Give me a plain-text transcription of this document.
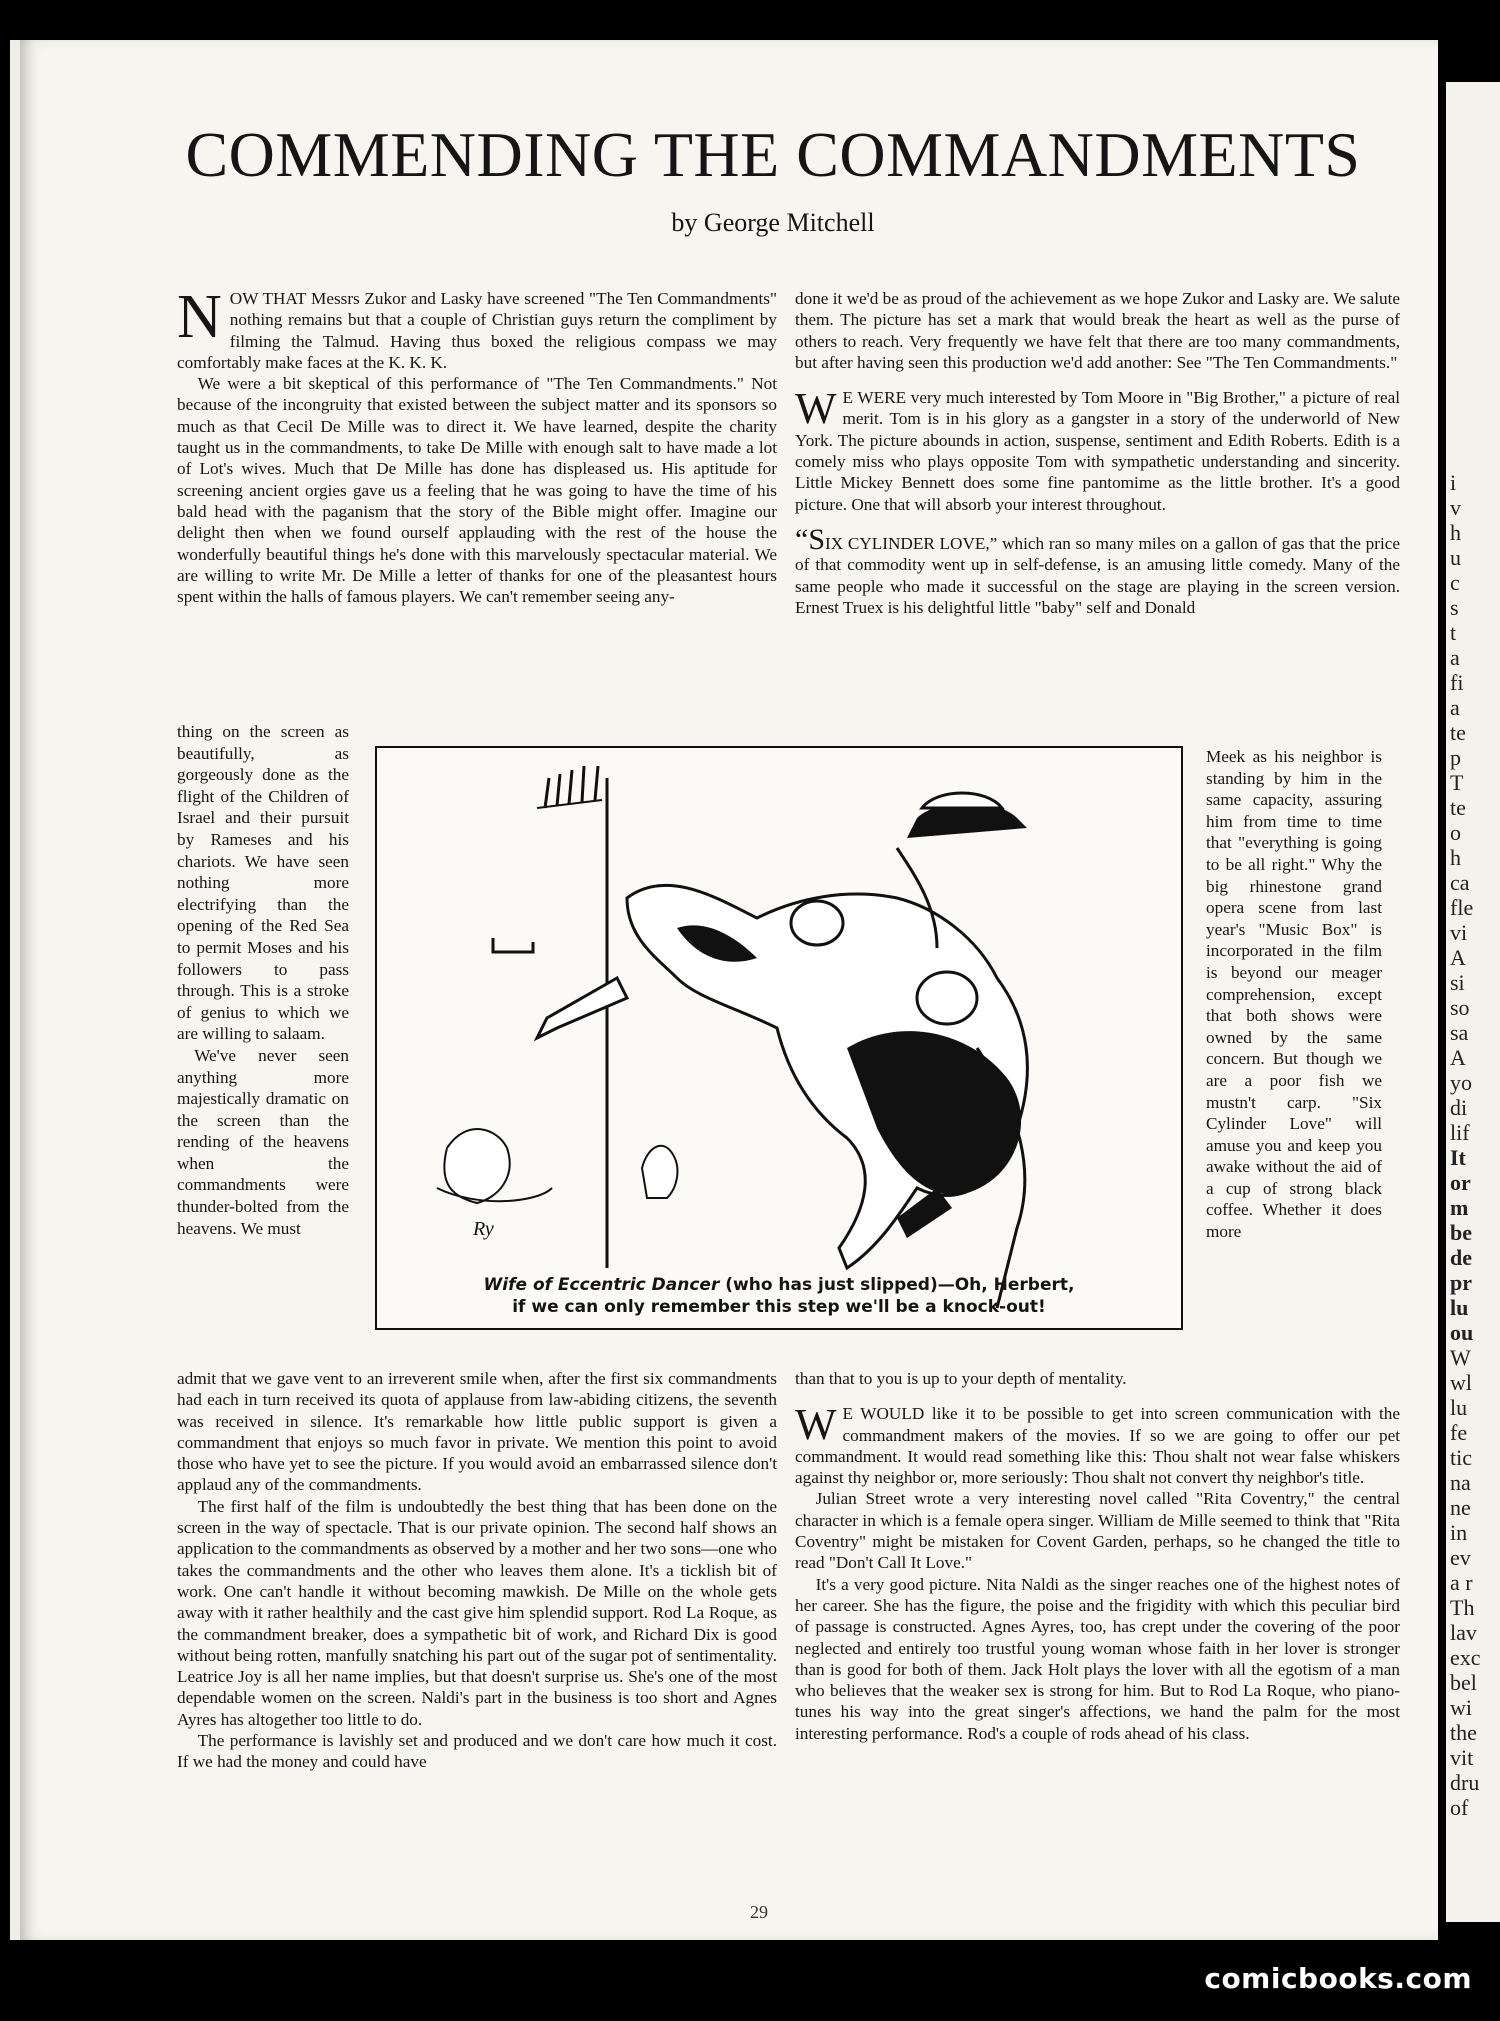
COMMENDING THE COMMANDMENTS
by George Mitchell

NOW THAT Messrs Zukor and Lasky have screened "The Ten Commandments" nothing remains but that a couple of Christian guys return the compliment by filming the Talmud. Having thus boxed the religious compass we may comfortably make faces at the K. K. K.

We were a bit skeptical of this performance of "The Ten Commandments." Not because of the incongruity that existed between the subject matter and its sponsors so much as that Cecil De Mille was to direct it. We have learned, despite the charity taught us in the commandments, to take De Mille with enough salt to have made a lot of Lot's wives. Much that De Mille has done has displeased us. His aptitude for screening ancient orgies gave us a feeling that he was going to have the time of his bald head with the paganism that the story of the Bible might offer. Imagine our delight then when we found ourself applauding with the rest of the house the wonderfully beautiful things he's done with this marvelously spectacular material. We are willing to write Mr. De Mille a letter of thanks for one of the pleasantest hours spent within the halls of famous players. We can't remember seeing any-

thing on the screen as beautifully, as gorgeously done as the flight of the Children of Israel and their pursuit by Rameses and his chariots. We have seen nothing more electrifying than the opening of the Red Sea to permit Moses and his followers to pass through. This is a stroke of genius to which we are willing to salaam.

We've never seen anything more majestically dramatic on the screen than the rending of the heavens when the commandments were thunder-bolted from the heavens. We must	Ry
Wife of Eccentric Dancer (who has just slipped)—Oh, Herbert,
if we can only remember this step we'll be a knock-out!

admit that we gave vent to an irreverent smile when, after the first six commandments had each in turn received its quota of applause from law-abiding citizens, the seventh was received in silence. It's remarkable how little public support is given a commandment that enjoys so much favor in private. We mention this point to avoid those who have yet to see the picture. If you would avoid an embarrassed silence don't applaud any of the commandments.

The first half of the film is undoubtedly the best thing that has been done on the screen in the way of spectacle. That is our private opinion. The second half shows an application to the commandments as observed by a mother and her two sons—one who takes the commandments and the other who leaves them alone. It's a ticklish bit of work. One can't handle it without becoming mawkish. De Mille on the whole gets away with it rather healthily and the cast give him splendid support. Rod La Roque, as the commandment breaker, does a sympathetic bit of work, and Richard Dix is good without being rotten, manfully snatching his part out of the sugar pot of sentimentality. Leatrice Joy is all her name implies, but that doesn't surprise us. She's one of the most dependable women on the screen. Naldi's part in the business is too short and Agnes Ayres has altogether too little to do.

The performance is lavishly set and produced and we don't care how much it cost. If we had the money and could have

done it we'd be as proud of the achievement as we hope Zukor and Lasky are. We salute them. The picture has set a mark that would break the heart as well as the purse of others to reach. Very frequently we have felt that there are too many commandments, but after having seen this production we'd add another: See "The Ten Commandments."

W E WERE very much interested by Tom Moore in "Big Brother," a picture of real merit. Tom is in his glory as a gangster in a story of the underworld of New York. The picture abounds in action, suspense, sentiment and Edith Roberts. Edith is a comely miss who plays opposite Tom with sympathetic understanding and sincerity. Little Mickey Bennett does some fine pantomime as the little brother. It's a good picture. One that will absorb your interest throughout.

“SIX CYLINDER LOVE,” which ran so many miles on a gallon of gas that the price of that commodity went up in self-defense, is an amusing little comedy. Many of the same people who made it successful on the stage are playing in the screen version. Ernest Truex is his delightful little "baby" self and Donald

Meek as his neighbor is standing by him in the same capacity, assuring him from time to time that "everything is going to be all right." Why the big rhinestone grand opera scene from last year's "Music Box" is incorporated in the film is beyond our meager comprehension, except that both shows were owned by the same concern. But though we are a poor fish we mustn't carp. "Six Cylinder Love" will amuse you and keep you awake without the aid of a cup of strong black coffee. Whether it does more

than that to you is up to your depth of mentality.

W E WOULD like it to be possible to get into screen communication with the commandment makers of the movies. If so we are going to offer our pet commandment. It would read something like this: Thou shalt not wear false whiskers against thy neighbor or, more seriously: Thou shalt not convert thy neighbor's title.

Julian Street wrote a very interesting novel called "Rita Coventry," the central character in which is a female opera singer. William de Mille seemed to think that "Rita Coventry" might be mistaken for Covent Garden, perhaps, so he changed the title to read "Don't Call It Love."

It's a very good picture. Nita Naldi as the singer reaches one of the highest notes of her career. She has the figure, the poise and the frigidity with which this peculiar bird of passage is constructed. Agnes Ayres, too, has crept under the covering of the poor neglected and entirely too trustful young woman whose faith in her lover is stronger than is good for both of them. Jack Holt plays the lover with all the egotism of a man who believes that the weaker sex is strong for him. But to Rod La Roque, who piano-tunes his way into the great singer's affections, we hand the palm for the most interesting performance. Rod's a couple of rods ahead of his class.

29
i
v
h
u
c
s
t
a
fi
a
te
p
T
te
o
h
ca
fle
vi
A
si
so
sa
A
yo
di
lif
It
or
m
be
de
pr
lu
ou
W
wl
lu
fe
tic
na
ne
in
ev
a r
Th
lav
exc
bel
wi
the
vit
dru
of
comicbooks.com
